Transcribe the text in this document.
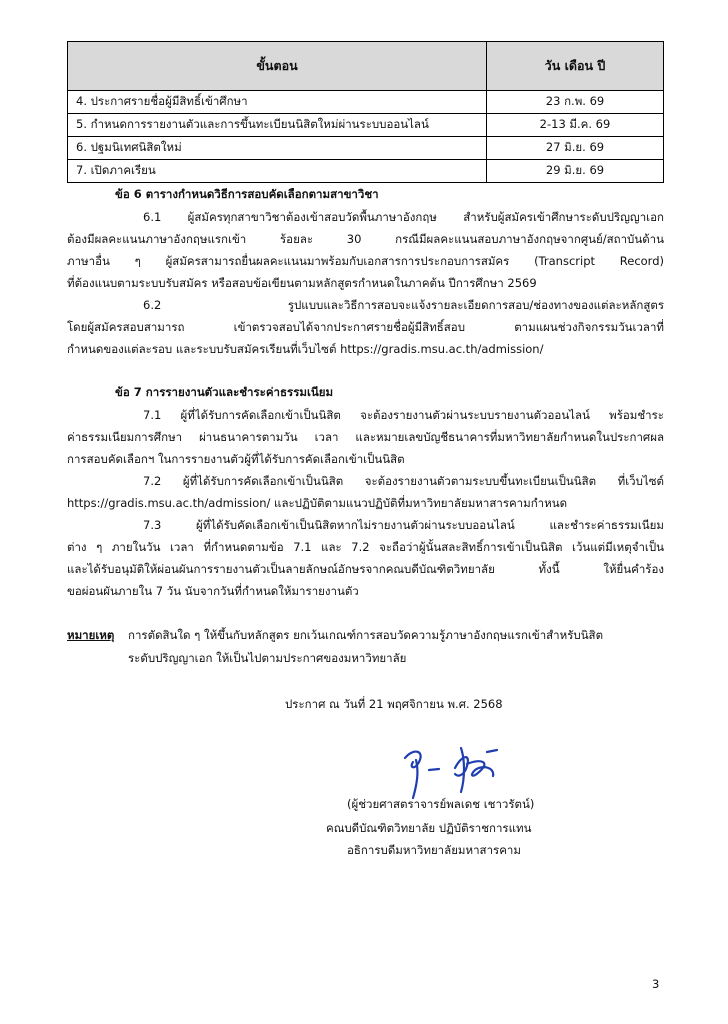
ขั้นตอน	วัน เดือน ปี
4. ประกาศรายชื่อผู้มีสิทธิ์เข้าศึกษา	23 ก.พ. 69
5. กำหนดการรายงานตัวและการขึ้นทะเบียนนิสิตใหม่ผ่านระบบออนไลน์	2-13 มี.ค. 69
6. ปฐมนิเทศนิสิตใหม่	27 มิ.ย. 69
7. เปิดภาคเรียน	29 มิ.ย. 69
ข้อ 6 ตารางกำหนดวิธีการสอบคัดเลือกตามสาขาวิชา
6.1 ผู้สมัครทุกสาขาวิชาต้องเข้าสอบวัดพื้นภาษาอังกฤษ สำหรับผู้สมัครเข้าศึกษาระดับปริญญาเอก
ต้องมีผลคะแนนภาษาอังกฤษแรกเข้า ร้อยละ 30 กรณีมีผลคะแนนสอบภาษาอังกฤษจากศูนย์/สถาบันด้าน
ภาษาอื่น ๆ ผู้สมัครสามารถยื่นผลคะแนนมาพร้อมกับเอกสารการประกอบการสมัคร (Transcript Record)
ที่ต้องแนบตามระบบรับสมัคร หรือสอบข้อเขียนตามหลักสูตรกำหนดในภาคต้น ปีการศึกษา 2569
6.2 รูปแบบและวิธีการสอบจะแจ้งรายละเอียดการสอบ/ช่องทางของแต่ละหลักสูตร
โดยผู้สมัครสอบสามารถ เข้าตรวจสอบได้จากประกาศรายชื่อผู้มีสิทธิ์สอบ ตามแผนช่วงกิจกรรมวันเวลาที่
กำหนดของแต่ละรอบ และระบบรับสมัครเรียนที่เว็บไซต์ https://gradis.msu.ac.th/admission/
ข้อ 7 การรายงานตัวและชำระค่าธรรมเนียม
7.1 ผู้ที่ได้รับการคัดเลือกเข้าเป็นนิสิต จะต้องรายงานตัวผ่านระบบรายงานตัวออนไลน์ พร้อมชำระ
ค่าธรรมเนียมการศึกษา ผ่านธนาคารตามวัน เวลา และหมายเลขบัญชีธนาคารที่มหาวิทยาลัยกำหนดในประกาศผล
การสอบคัดเลือกฯ ในการรายงานตัวผู้ที่ได้รับการคัดเลือกเข้าเป็นนิสิต
7.2 ผู้ที่ได้รับการคัดเลือกเข้าเป็นนิสิต จะต้องรายงานตัวตามระบบขึ้นทะเบียนเป็นนิสิต ที่เว็บไซต์
https://gradis.msu.ac.th/admission/ และปฏิบัติตามแนวปฏิบัติที่มหาวิทยาลัยมหาสารคามกำหนด
7.3 ผู้ที่ได้รับคัดเลือกเข้าเป็นนิสิตหากไม่รายงานตัวผ่านระบบออนไลน์ และชำระค่าธรรมเนียม
ต่าง ๆ ภายในวัน เวลา ที่กำหนดตามข้อ 7.1 และ 7.2 จะถือว่าผู้นั้นสละสิทธิ์การเข้าเป็นนิสิต เว้นแต่มีเหตุจำเป็น
และได้รับอนุมัติให้ผ่อนผันการรายงานตัวเป็นลายลักษณ์อักษรจากคณบดีบัณฑิตวิทยาลัย ทั้งนี้ ให้ยื่นคำร้อง
ขอผ่อนผันภายใน 7 วัน นับจากวันที่กำหนดให้มารายงานตัว
หมายเหตุ การตัดสินใด ๆ ให้ขึ้นกับหลักสูตร ยกเว้นเกณฑ์การสอบวัดความรู้ภาษาอังกฤษแรกเข้าสำหรับนิสิต
ระดับปริญญาเอก ให้เป็นไปตามประกาศของมหาวิทยาลัย
ประกาศ ณ วันที่ 21 พฤศจิกายน พ.ศ. 2568
(ผู้ช่วยศาสตราจารย์พลเดช เชาวรัตน์)
คณบดีบัณฑิตวิทยาลัย ปฏิบัติราชการแทน
อธิการบดีมหาวิทยาลัยมหาสารคาม
3
